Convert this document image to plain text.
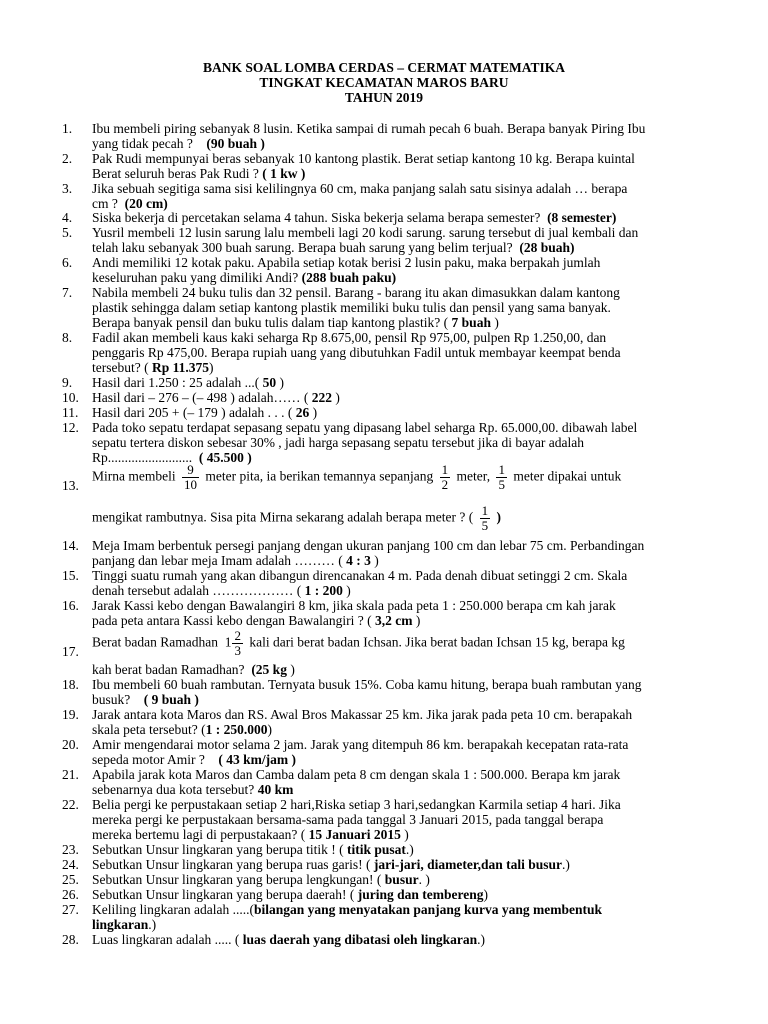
BANK SOAL LOMBA CERDAS – CERMAT MATEMATIKA
TINGKAT KECAMATAN MAROS BARU
TAHUN 2019
1. Ibu membeli piring sebanyak 8 lusin. Ketika sampai di rumah pecah 6 buah. Berapa banyak Piring Ibu
yang tidak pecah ? (90 buah )
2. Pak Rudi mempunyai beras sebanyak 10 kantong plastik. Berat setiap kantong 10 kg. Berapa kuintal
Berat seluruh beras Pak Rudi ? ( 1 kw )
3. Jika sebuah segitiga sama sisi kelilingnya 60 cm, maka panjang salah satu sisinya adalah … berapa
cm ? (20 cm)
4. Siska bekerja di percetakan selama 4 tahun. Siska bekerja selama berapa semester? (8 semester)
5. Yusril membeli 12 lusin sarung lalu membeli lagi 20 kodi sarung. sarung tersebut di jual kembali dan
telah laku sebanyak 300 buah sarung. Berapa buah sarung yang belim terjual? (28 buah)
6. Andi memiliki 12 kotak paku. Apabila setiap kotak berisi 2 lusin paku, maka berpakah jumlah
keseluruhan paku yang dimiliki Andi? (288 buah paku)
7. Nabila membeli 24 buku tulis dan 32 pensil. Barang - barang itu akan dimasukkan dalam kantong
plastik sehingga dalam setiap kantong plastik memiliki buku tulis dan pensil yang sama banyak.
Berapa banyak pensil dan buku tulis dalam tiap kantong plastik? ( 7 buah )
8. Fadil akan membeli kaus kaki seharga Rp 8.675,00, pensil Rp 975,00, pulpen Rp 1.250,00, dan
penggaris Rp 475,00. Berapa rupiah uang yang dibutuhkan Fadil untuk membayar keempat benda
tersebut? ( Rp 11.375)
9. Hasil dari 1.250 : 25 adalah ...( 50 )
10. Hasil dari – 276 – (– 498 ) adalah…… ( 222 )
11. Hasil dari 205 + (– 179 ) adalah . . . ( 26 )
12. Pada toko sepatu terdapat sepasang sepatu yang dipasang label seharga Rp. 65.000,00. dibawah label
sepatu tertera diskon sebesar 30% , jadi harga sepasang sepatu tersebut jika di bayar adalah
Rp......................... ( 45.500 )
13.
Mirna membeli $\frac{9}{10}$ meter pita, ia berikan temannya sepanjang $\frac{1}{2}$ meter, $\frac{1}{5}$ meter dipakai untuk
mengikat rambutnya. Sisa pita Mirna sekarang adalah berapa meter ? ( $\frac{1}{5}$ )
14. Meja Imam berbentuk persegi panjang dengan ukuran panjang 100 cm dan lebar 75 cm. Perbandingan
panjang dan lebar meja Imam adalah ……… ( 4 : 3 )
15. Tinggi suatu rumah yang akan dibangun direncanakan 4 m. Pada denah dibuat setinggi 2 cm. Skala
denah tersebut adalah ……………… ( 1 : 200 )
16. Jarak Kassi kebo dengan Bawalangiri 8 km, jika skala pada peta 1 : 250.000 berapa cm kah jarak
pada peta antara Kassi kebo dengan Bawalangiri ? ( 3,2 cm )
17.
Berat badan Ramadhan $1 \frac{2}{3}$ kali dari berat badan Ichsan. Jika berat badan Ichsan 15 kg, berapa kg
kah berat badan Ramadhan? (25 kg )
18. Ibu membeli 60 buah rambutan. Ternyata busuk 15%. Coba kamu hitung, berapa buah rambutan yang
busuk? ( 9 buah )
19. Jarak antara kota Maros dan RS. Awal Bros Makassar 25 km. Jika jarak pada peta 10 cm. berapakah
skala peta tersebut? (1 : 250.000)
20. Amir mengendarai motor selama 2 jam. Jarak yang ditempuh 86 km. berapakah kecepatan rata-rata
sepeda motor Amir ? ( 43 km/jam )
21. Apabila jarak kota Maros dan Camba dalam peta 8 cm dengan skala 1 : 500.000. Berapa km jarak
sebenarnya dua kota tersebut? 40 km
22. Belia pergi ke perpustakaan setiap 2 hari,Riska setiap 3 hari,sedangkan Karmila setiap 4 hari. Jika
mereka pergi ke perpustakaan bersama-sama pada tanggal 3 Januari 2015, pada tanggal berapa
mereka bertemu lagi di perpustakaan? ( 15 Januari 2015 )
23. Sebutkan Unsur lingkaran yang berupa titik ! ( titik pusat.)
24. Sebutkan Unsur lingkaran yang berupa ruas garis! ( jari-jari, diameter,dan tali busur.)
25. Sebutkan Unsur lingkaran yang berupa lengkungan! ( busur. )
26. Sebutkan Unsur lingkaran yang berupa daerah! ( juring dan tembereng)
27. Keliling lingkaran adalah .....(bilangan yang menyatakan panjang kurva yang membentuk
lingkaran.)
28. Luas lingkaran adalah ..... ( luas daerah yang dibatasi oleh lingkaran.)
